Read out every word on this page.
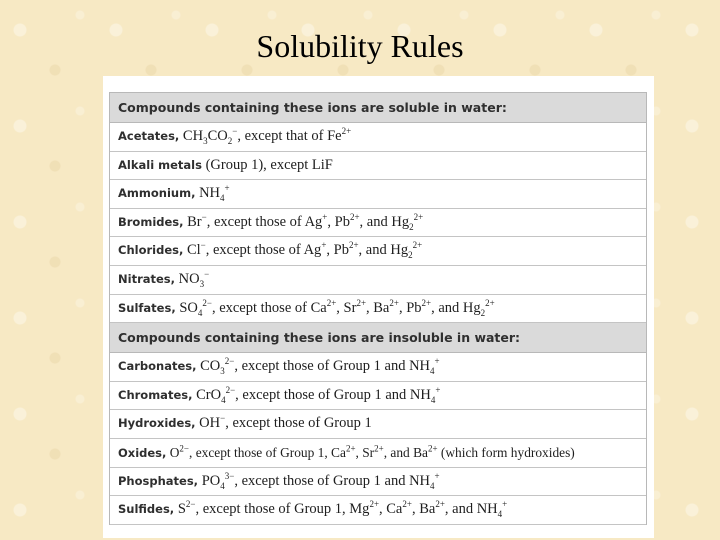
Solubility Rules
Compounds containing these ions are soluble in water:
Acetates, $CH_3CO_2^-$, except that of $Fe^{2+}$
Alkali metals (Group 1), except LiF
Ammonium, $NH_4^+$
Bromides, Br−, except those of Ag+, $Pb^{2+}$, and $Hg_2^{2+}$
Chlorides, Cl−, except those of Ag+, $Pb^{2+}$, and $Hg_2^{2+}$
Nitrates, $NO_3^-$
Sulfates, $SO_4^{2-}$, except those of $Ca^{2+}$, $Sr^{2+}$, $Ba^{2+}$, $Pb^{2+}$, and $Hg_2^{2+}$
Compounds containing these ions are insoluble in water:
Carbonates, $CO_3^{2-}$, except those of Group 1 and $NH_4^+$
Chromates, CrO$_4^{2-}$, except those of Group 1 and $NH_4^+$
Hydroxides, OH−, except those of Group 1
Oxides, $O^{2-}$, except those of Group 1, $Ca^{2+}$, $Sr^{2+}$, and $Ba^{2+}$ (which form hydroxides)
Phosphates, $PO_4^{3-}$, except those of Group 1 and $NH_4^+$
Sulfides, $S^{2-}$, except those of Group 1, $Mg^{2+}$, $Ca^{2+}$, $Ba^{2+}$, and $NH_4^+$
